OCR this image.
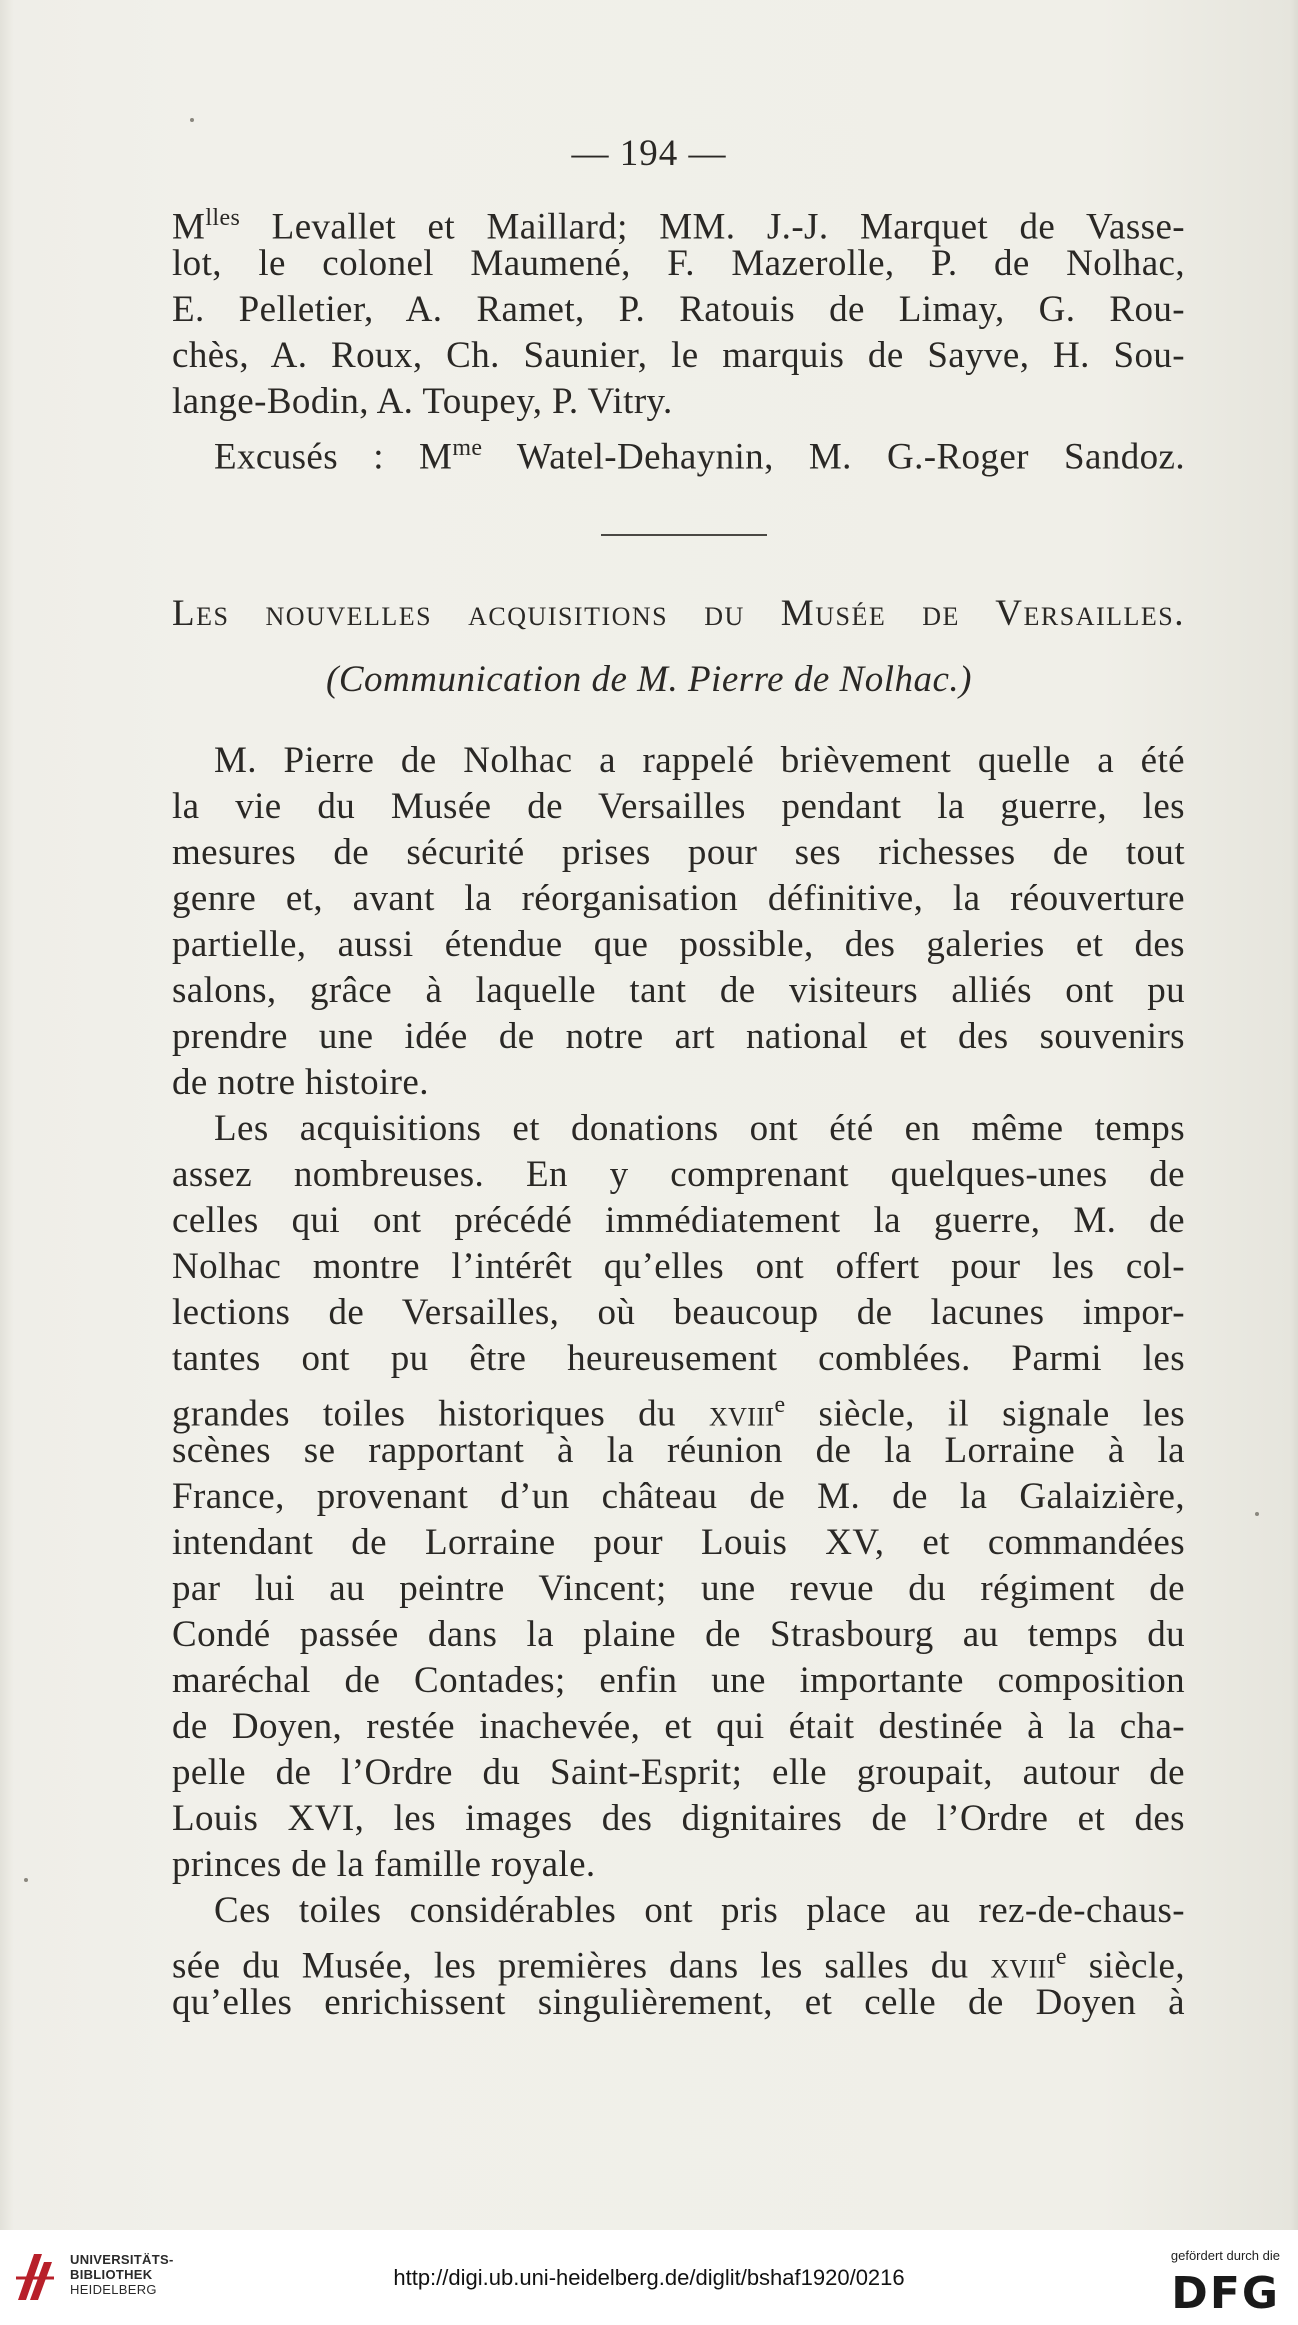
— 194 —
$M^{lles}$ Levallet et Maillard; MM. J.-J. Marquet de Vasse-
lot, le colonel Maumené, F. Mazerolle, P. de Nolhac,
E. Pelletier, A. Ramet, P. Ratouis de Limay, G. Rou-
chès, A. Roux, Ch. Saunier, le marquis de Sayve, H. Sou-
lange-Bodin, A. Toupey, P. Vitry.
Excusés : $M^{me}$ Watel-Dehaynin, M. G.-Roger Sandoz.
Les nouvelles acquisitions du Musée de Versailles.
(Communication de M. Pierre de Nolhac.)
M. Pierre de Nolhac a rappelé brièvement quelle a été
la vie du Musée de Versailles pendant la guerre, les
mesures de sécurité prises pour ses richesses de tout
genre et, avant la réorganisation définitive, la réouverture
partielle, aussi étendue que possible, des galeries et des
salons, grâce à laquelle tant de visiteurs alliés ont pu
prendre une idée de notre art national et des souvenirs
de notre histoire.
Les acquisitions et donations ont été en même temps
assez nombreuses. En y comprenant quelques-unes de
celles qui ont précédé immédiatement la guerre, M. de
Nolhac montre l’intérêt qu’elles ont offert pour les col-
lections de Versailles, où beaucoup de lacunes impor-
tantes ont pu être heureusement comblées. Parmi les
grandes toiles historiques du xviii$^e$ siècle, il signale les
scènes se rapportant à la réunion de la Lorraine à la
France, provenant d’un château de M. de la Galaizière,
intendant de Lorraine pour Louis XV, et commandées
par lui au peintre Vincent; une revue du régiment de
Condé passée dans la plaine de Strasbourg au temps du
maréchal de Contades; enfin une importante composition
de Doyen, restée inachevée, et qui était destinée à la cha-
pelle de l’Ordre du Saint-Esprit; elle groupait, autour de
Louis XVI, les images des dignitaires de l’Ordre et des
princes de la famille royale.
Ces toiles considérables ont pris place au rez-de-chaus-
sée du Musée, les premières dans les salles du xviii$^e$ siècle,
qu’elles enrichissent singulièrement, et celle de Doyen à
UNIVERSITÄTS-
BIBLIOTHEK
HEIDELBERG	http://digi.ub.uni-heidelberg.de/diglit/bshaf1920/0216
gefördert durch die
DFG
